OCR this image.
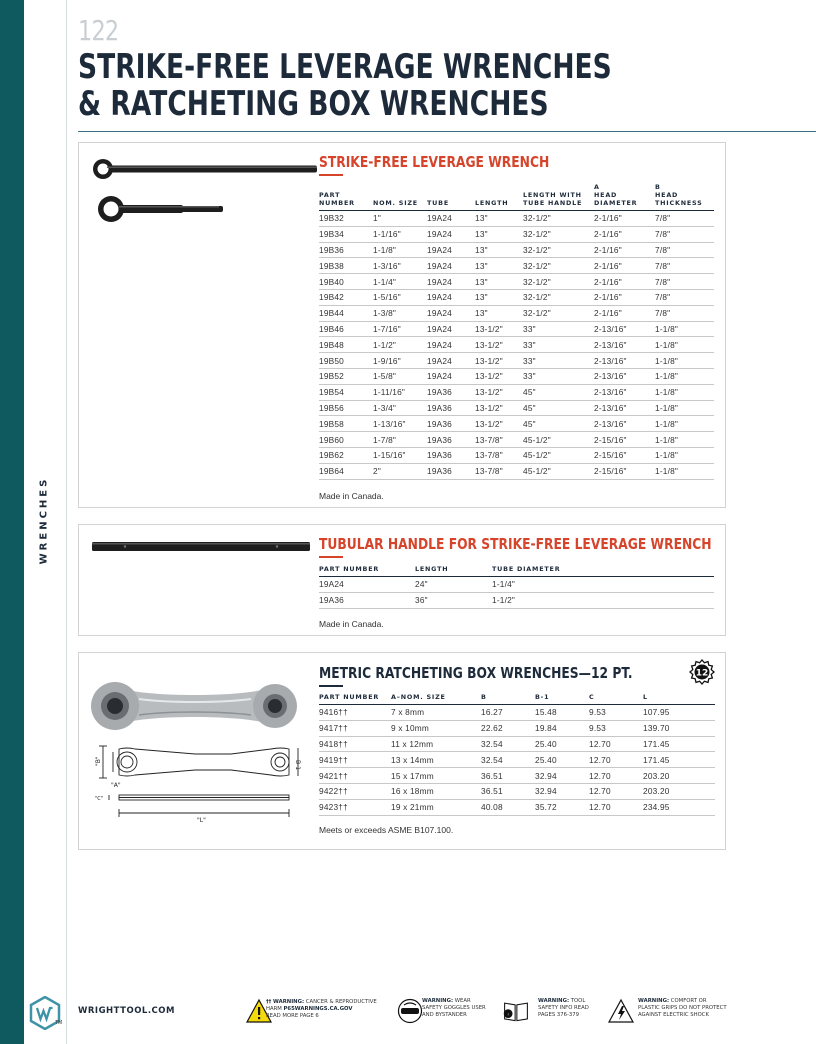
WRENCHES
122
STRIKE-FREE LEVERAGE WRENCHES
& RATCHETING BOX WRENCHES
STRIKE-FREE LEVERAGE WRENCH
PART
NUMBER	NOM. SIZE	TUBE	LENGTH	LENGTH WITH
TUBE HANDLE	A
HEAD
DIAMETER	B
HEAD
THICKNESS
19B32	1"	19A24	13"	32-1/2"	2-1/16"	7/8"
19B34	1-1/16"	19A24	13"	32-1/2"	2-1/16"	7/8"
19B36	1-1/8"	19A24	13"	32-1/2"	2-1/16"	7/8"
19B38	1-3/16"	19A24	13"	32-1/2"	2-1/16"	7/8"
19B40	1-1/4"	19A24	13"	32-1/2"	2-1/16"	7/8"
19B42	1-5/16"	19A24	13"	32-1/2"	2-1/16"	7/8"
19B44	1-3/8"	19A24	13"	32-1/2"	2-1/16"	7/8"
19B46	1-7/16"	19A24	13-1/2"	33"	2-13/16"	1-1/8"
19B48	1-1/2"	19A24	13-1/2"	33"	2-13/16"	1-1/8"
19B50	1-9/16"	19A24	13-1/2"	33"	2-13/16"	1-1/8"
19B52	1-5/8"	19A24	13-1/2"	33"	2-13/16"	1-1/8"
19B54	1-11/16"	19A36	13-1/2"	45"	2-13/16"	1-1/8"
19B56	1-3/4"	19A36	13-1/2"	45"	2-13/16"	1-1/8"
19B58	1-13/16"	19A36	13-1/2"	45"	2-13/16"	1-1/8"
19B60	1-7/8"	19A36	13-7/8"	45-1/2"	2-15/16"	1-1/8"
19B62	1-15/16"	19A36	13-7/8"	45-1/2"	2-15/16"	1-1/8"
19B64	2"	19A36	13-7/8"	45-1/2"	2-15/16"	1-1/8"
Made in Canada.
TUBULAR HANDLE FOR STRIKE-FREE LEVERAGE WRENCH
PART NUMBER	LENGTH	TUBE DIAMETER
19A24	24"	1-1/4"
19A36	36"	1-1/2"
Made in Canada.
"B"
"A"
B-1
"C"
"L"
METRIC RATCHETING BOX WRENCHES—12 PT.	12
PART NUMBER	A–NOM. SIZE	B	B-1	C	L
9416††	7 x 8mm	16.27	15.48	9.53	107.95
9417††	9 x 10mm	22.62	19.84	9.53	139.70
9418††	11 x 12mm	32.54	25.40	12.70	171.45
9419††	13 x 14mm	32.54	25.40	12.70	171.45
9421††	15 x 17mm	36.51	32.94	12.70	203.20
9422††	16 x 18mm	36.51	32.94	12.70	203.20
9423††	19 x 21mm	40.08	35.72	12.70	234.95
Meets or exceeds ASME B107.100.
TM
WRIGHTTOOL.COM
†† WARNING: CANCER & REPRODUCTIVE
HARM P65WARNINGS.CA.GOV
READ MORE PAGE 6
WARNING: WEAR
SAFETY GOGGLES USER
AND BYSTANDER	i
WARNING: TOOL
SAFETY INFO READ
PAGES 376-379
WARNING: COMFORT OR
PLASTIC GRIPS DO NOT PROTECT
AGAINST ELECTRIC SHOCK
